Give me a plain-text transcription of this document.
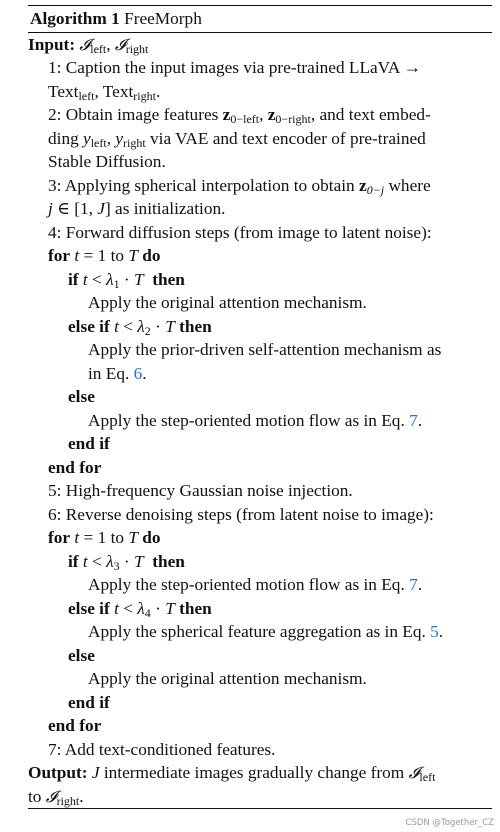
Algorithm 1 FreeMorph
Input: 𝓘$_{left}$, 𝓘$_{right}$
1: Caption the input images via pre-trained LLaVA →
Text$_{left}$, Text$_{right}$.
2: Obtain image features $z_{0-left}$, $z_{0-right}$, and text embed-
ding $y_{left}$, $y_{right}$ via VAE and text encoder of pre-trained
Stable Diffusion.
3: Applying spherical interpolation to obtain z0−j where
j ∈ [1, J] as initialization.
4: Forward diffusion steps (from image to latent noise):
for t = 1 to T do
if $t < \lambda_1 \cdot T$ then
Apply the original attention mechanism.
else if $t < \lambda_2 \cdot T$ then
Apply the prior-driven self-attention mechanism as
in Eq. 6.
else
Apply the step-oriented motion flow as in Eq. 7.
end if
end for
5: High-frequency Gaussian noise injection.
6: Reverse denoising steps (from latent noise to image):
for t = 1 to T do
if $t < \lambda_3 \cdot T$ then
Apply the step-oriented motion flow as in Eq. 7.
else if $t < \lambda_4 \cdot T$ then
Apply the spherical feature aggregation as in Eq. 5.
else
Apply the original attention mechanism.
end if
end for
7: Add text-conditioned features.
Output: J intermediate images gradually change from 𝓘$_{left}$
to 𝓘$_{right}$.
CSDN @Together_CZ
